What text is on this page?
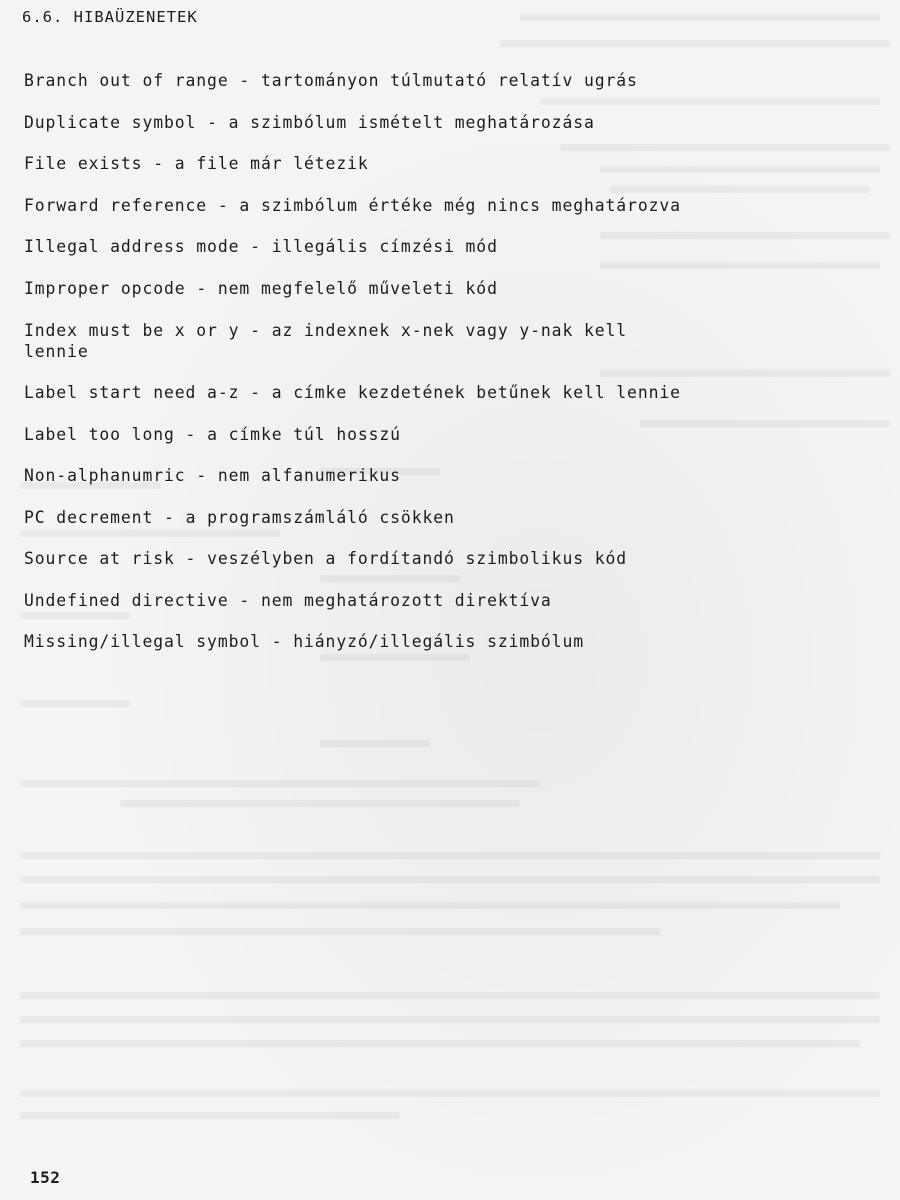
6.6. HIBAÜZENETEK
Branch out of range - tartományon túlmutató relatív ugrás
Duplicate symbol - a szimbólum ismételt meghatározása
File exists - a file már létezik
Forward reference - a szimbólum értéke még nincs meghatározva
Illegal address mode - illegális címzési mód
Improper opcode - nem megfelelő műveleti kód
Index must be x or y - az indexnek x-nek vagy y-nak kell
lennie
Label start need a-z - a címke kezdetének betűnek kell lennie
Label too long - a címke túl hosszú
Non-alphanumric - nem alfanumerikus
PC decrement - a programszámláló csökken
Source at risk - veszélyben a fordítandó szimbolikus kód
Undefined directive - nem meghatározott direktíva
Missing/illegal symbol - hiányzó/illegális szimbólum
152
